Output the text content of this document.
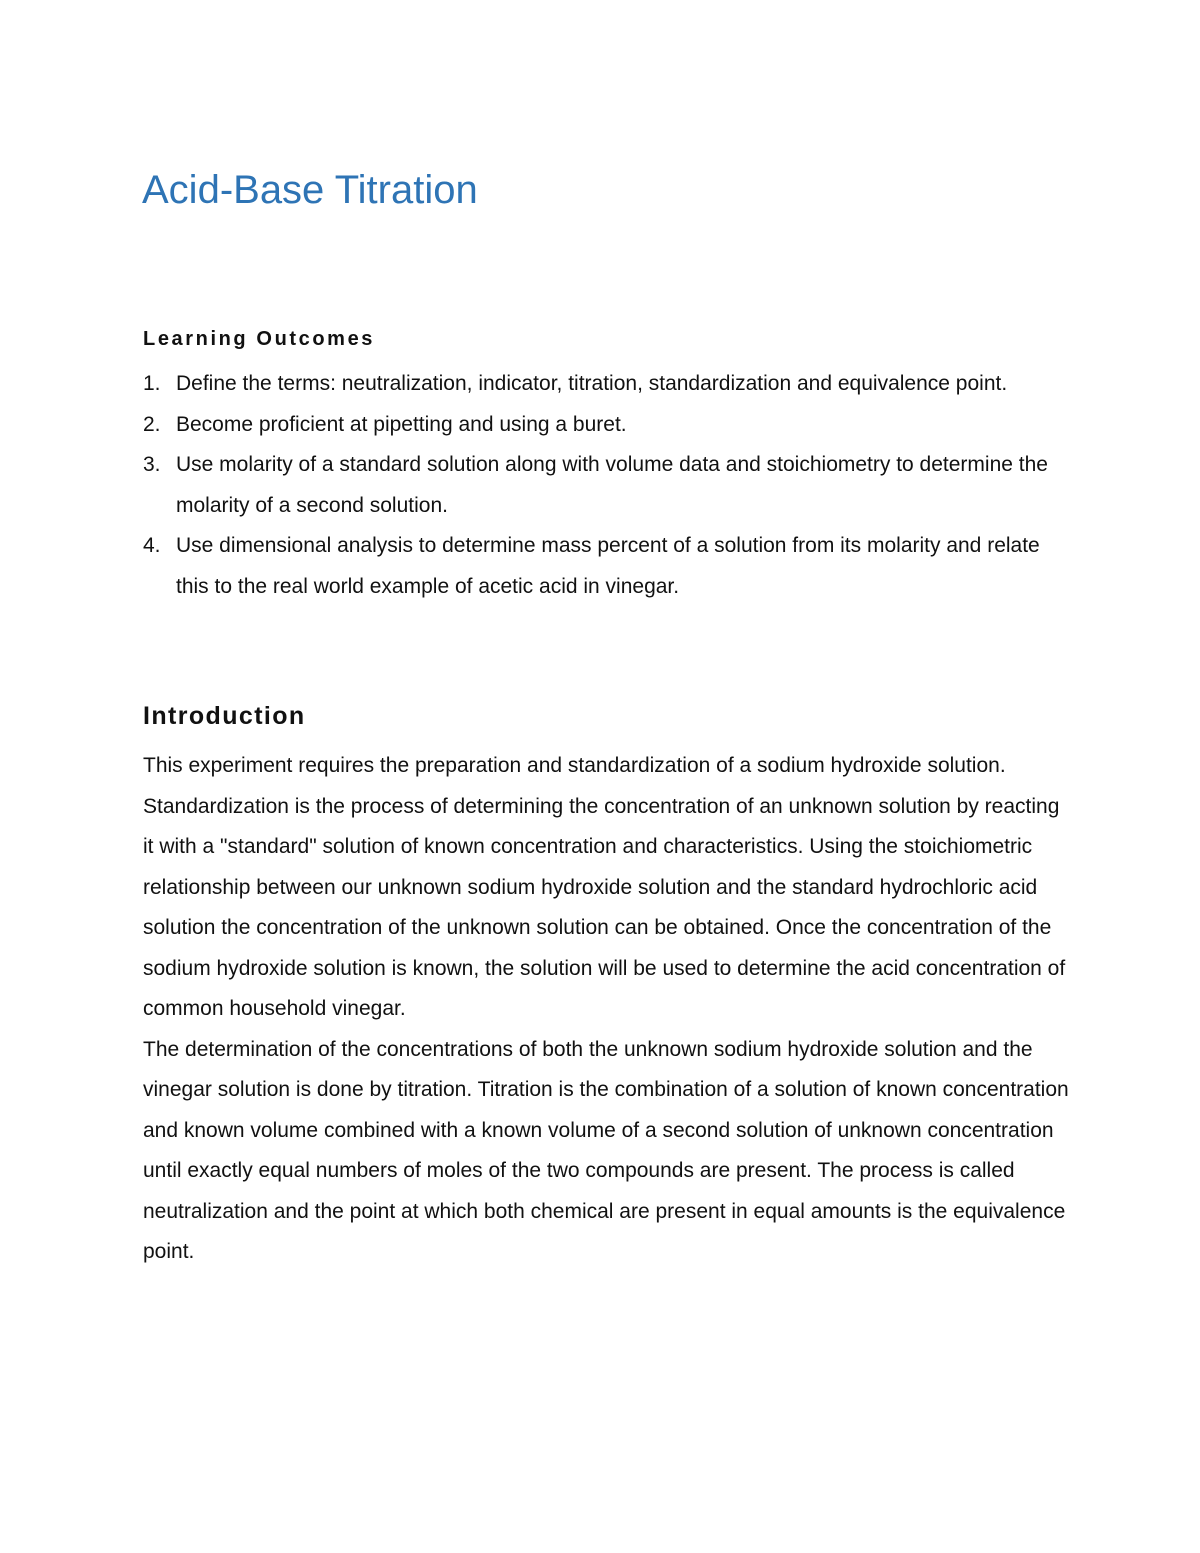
Acid-Base Titration
Learning Outcomes
1. Define the terms: neutralization, indicator, titration, standardization and equivalence point.
2. Become proficient at pipetting and using a buret.
3. Use molarity of a standard solution along with volume data and stoichiometry to determine the molarity of a second solution.
4. Use dimensional analysis to determine mass percent of a solution from its molarity and relate this to the real world example of acetic acid in vinegar.
Introduction

This experiment requires the preparation and standardization of a sodium hydroxide solution. Standardization is the process of determining the concentration of an unknown solution by reacting it with a "standard" solution of known concentration and characteristics. Using the stoichiometric relationship between our unknown sodium hydroxide solution and the standard hydrochloric acid solution the concentration of the unknown solution can be obtained. Once the concentration of the sodium hydroxide solution is known, the solution will be used to determine the acid concentration of common household vinegar.

The determination of the concentrations of both the unknown sodium hydroxide solution and the vinegar solution is done by titration. Titration is the combination of a solution of known concentration and known volume combined with a known volume of a second solution of unknown concentration until exactly equal numbers of moles of the two compounds are present. The process is called neutralization and the point at which both chemical are present in equal amounts is the equivalence point.
